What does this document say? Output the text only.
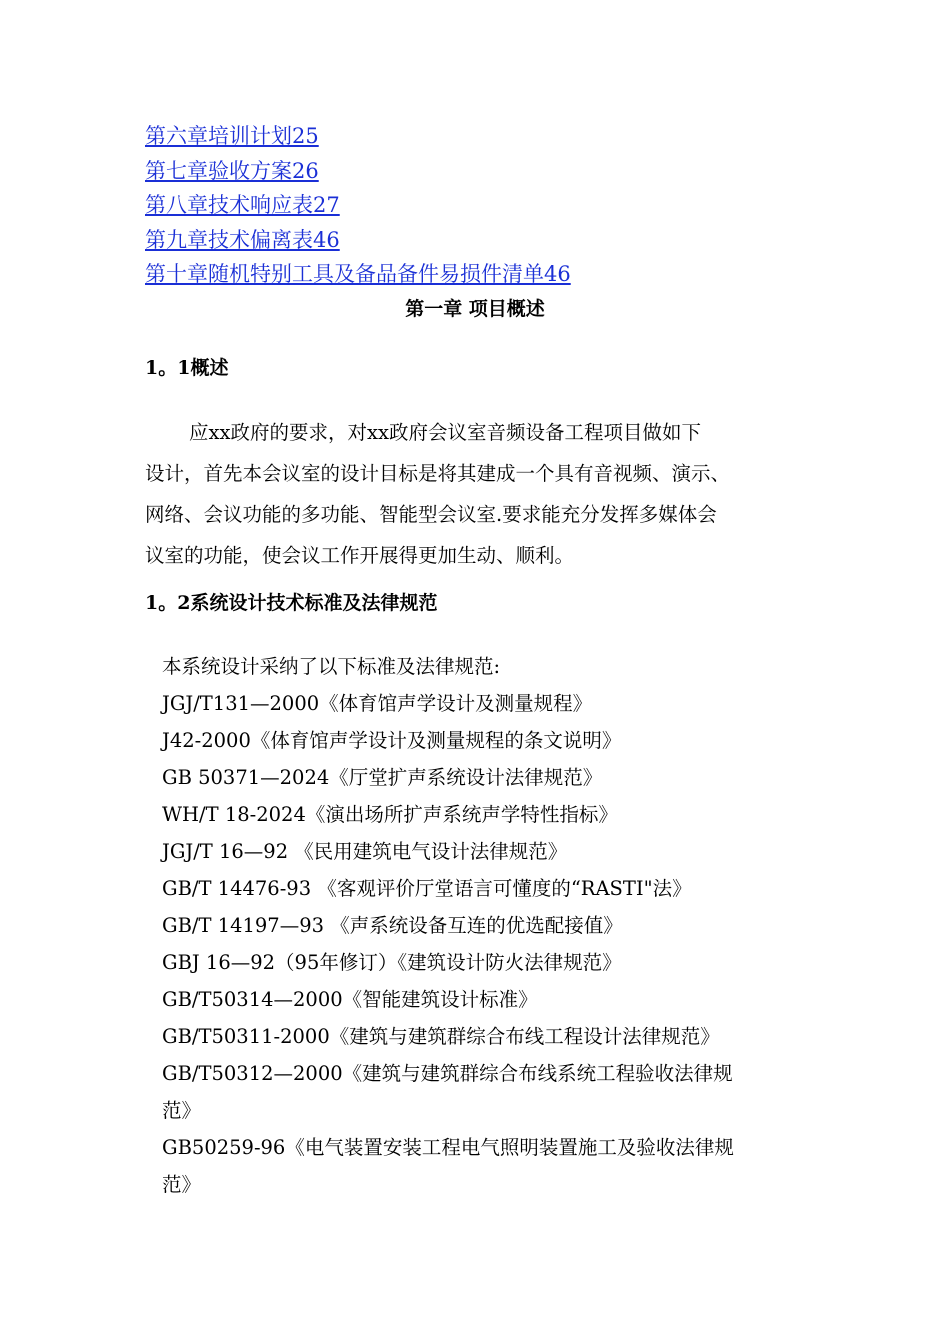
第六章培训计划25
第七章验收方案26
第八章技术响应表27
第九章技术偏离表46
第十章随机特别工具及备品备件易损件清单46
第一章 项目概述
1。1概述

应xx政府的要求，对xx政府会议室音频设备工程项目做如下
设计，首先本会议室的设计目标是将其建成一个具有音视频、演示、
网络、会议功能的多功能、智能型会议室.要求能充分发挥多媒体会
议室的功能，使会议工作开展得更加生动、顺利。

1。2系统设计技术标准及法律规范
本系统设计采纳了以下标准及法律规范:
JGJ/T131—2000《体育馆声学设计及测量规程》
J42-2000《体育馆声学设计及测量规程的条文说明》
GB 50371—2024《厅堂扩声系统设计法律规范》
WH/T 18-2024《演出场所扩声系统声学特性指标》
JGJ/T 16—92 《民用建筑电气设计法律规范》
GB/T 14476-93 《客观评价厅堂语言可懂度的“RASTI"法》
GB/T 14197—93 《声系统设备互连的优选配接值》
GBJ 16—92（95年修订）《建筑设计防火法律规范》
GB/T50314—2000《智能建筑设计标准》
GB/T50311-2000《建筑与建筑群综合布线工程设计法律规范》
GB/T50312—2000《建筑与建筑群综合布线系统工程验收法律规
范》
GB50259-96《电气装置安装工程电气照明装置施工及验收法律规
范》
